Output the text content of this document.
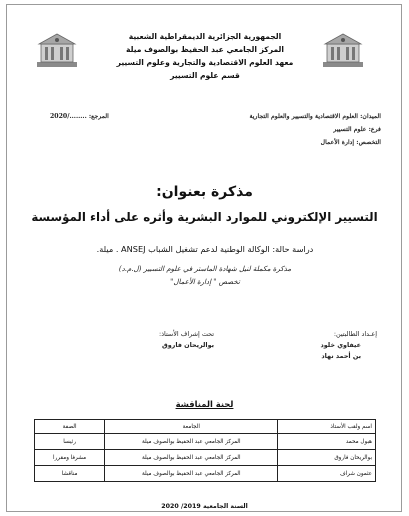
الجمهورية الجزائرية الديمقراطية الشعبية
المركز الجامعي عبد الحفيظ بوالصوف ميلة
معهد العلوم الاقتصادية والتجارية وعلوم التسيير
قسم علوم التسيير
الميدان: العلوم الاقتصادية والتسيير والعلوم التجارية
فرع: علوم التسيير
التخصص: إدارة الأعمال
المرجع: ......../2020
مذكرة بعنوان:
التسيير الإلكتروني للموارد البشرية وأثره على أداء المؤسسة
دراسة حالة: الوكالة الوطنية لدعم تشغيل الشباب ANSEJ . ميلة.
مذكرة مكملة لنيل شهادة الماستر في علوم التسيير (ل.م.د)
تخصص " إدارة الأعمال"
إعـداد الطالبتين:
عيفاوي خلود
بن أحمد نهاد
تحت إشراف الأستاذ:
بوالريحان فاروق
لجنة المناقشة
اسم ولقب الأستاذ	الجامعة	الصفة
هبول محمد	المركز الجامعي عبد الحفيظ بوالصوف ميلة	رئيسا
بوالريحان فاروق	المركز الجامعي عبد الحفيظ بوالصوف ميلة	مشرفا ومقررا
عثمون شراف	المركز الجامعي عبد الحفيظ بوالصوف ميلة	مناقشا
السنة الجامعية 2019/ 2020
